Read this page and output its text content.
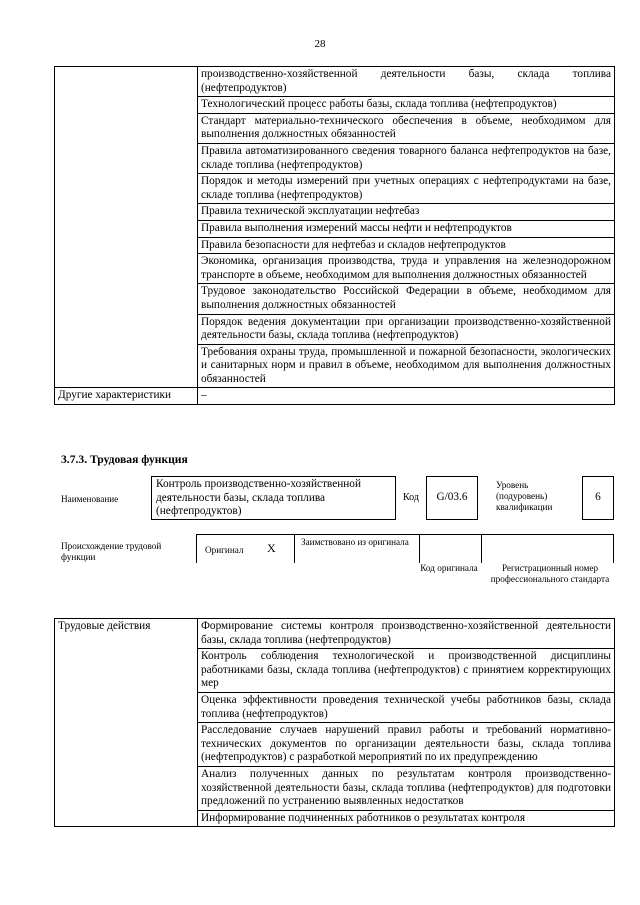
28
	производственно-хозяйственной деятельности базы, склада топлива (нефтепродуктов)
	Технологический процесс работы базы, склада топлива (нефтепродуктов)
	Стандарт материально-технического обеспечения в объеме, необходимом для выполнения должностных обязанностей
	Правила автоматизированного сведения товарного баланса нефтепродуктов на базе, складе топлива (нефтепродуктов)
	Порядок и методы измерений при учетных операциях с нефтепродуктами на базе, складе топлива (нефтепродуктов)
	Правила технической эксплуатации нефтебаз
	Правила выполнения измерений массы нефти и нефтепродуктов
	Правила безопасности для нефтебаз и складов нефтепродуктов
	Экономика, организация производства, труда и управления на железнодорожном транспорте в объеме, необходимом для выполнения должностных обязанностей
	Трудовое законодательство Российской Федерации в объеме, необходимом для выполнения должностных обязанностей
	Порядок ведения документации при организации производственно-хозяйственной деятельности базы, склада топлива (нефтепродуктов)
	Требования охраны труда, промышленной и пожарной безопасности, экологических и санитарных норм и правил в объеме, необходимом для выполнения должностных обязанностей
Другие характеристики	–
3.7.3. Трудовая функция
Наименование
Контроль производственно-хозяйственной деятельности базы, склада топлива (нефтепродуктов)
Код	G/03.6
Уровень (подуровень) квалификации
6
Происхождение трудовой функции
Оригинал X	Заимствовано из оригинала
Код оригинала	Регистрационный номер профессионального стандарта
Трудовые действия	Формирование системы контроля производственно-хозяйственной деятельности базы, склада топлива (нефтепродуктов)
Контроль соблюдения технологической и производственной дисциплины работниками базы, склада топлива (нефтепродуктов) с принятием корректирующих мер
Оценка эффективности проведения технической учебы работников базы, склада топлива (нефтепродуктов)
Расследование случаев нарушений правил работы и требований нормативно-технических документов по организации деятельности базы, склада топлива (нефтепродуктов) с разработкой мероприятий по их предупреждению
Анализ полученных данных по результатам контроля производственно-хозяйственной деятельности базы, склада топлива (нефтепродуктов) для подготовки предложений по устранению выявленных недостатков
Информирование подчиненных работников о результатах контроля
